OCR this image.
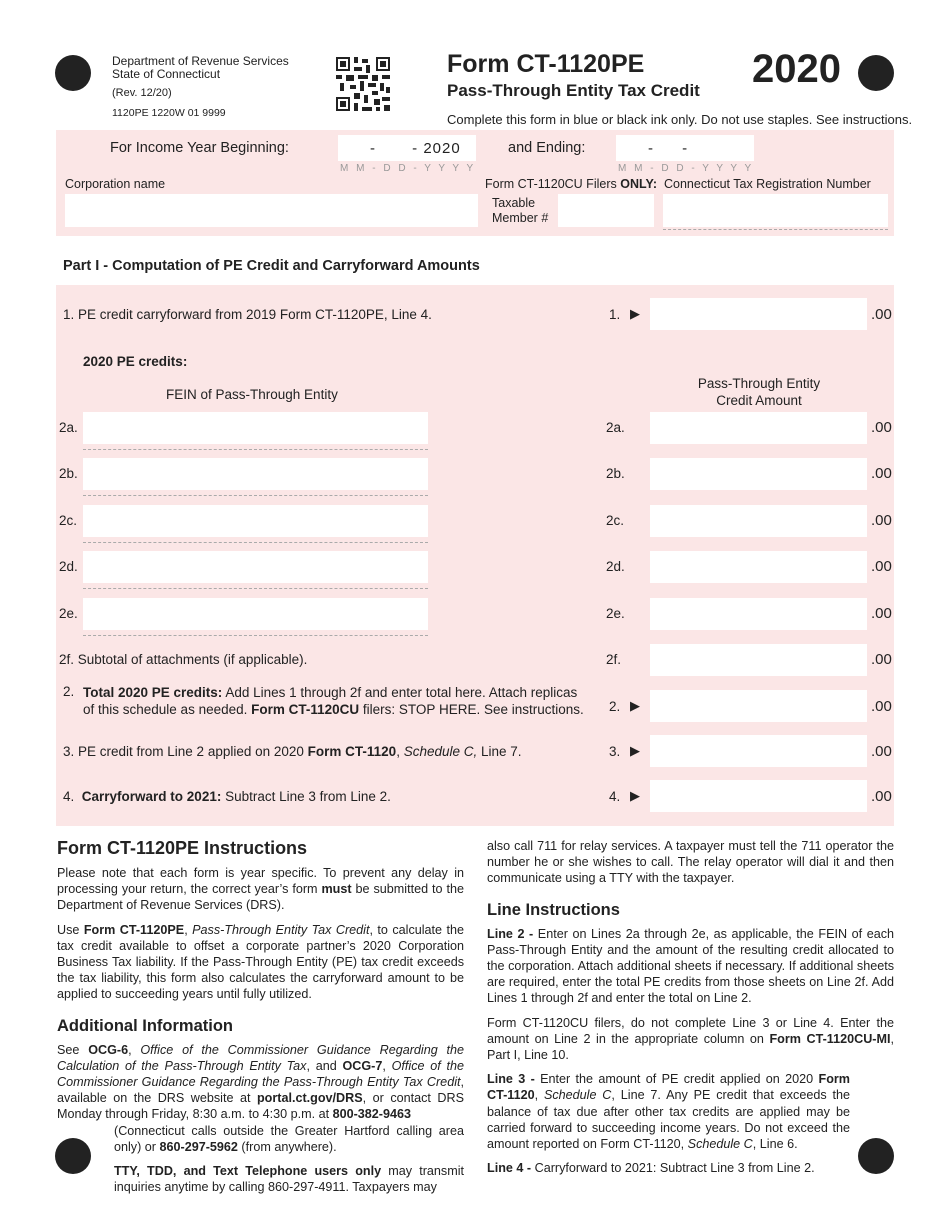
Department of Revenue Services
State of Connecticut
(Rev. 12/20)
1120PE 1220W 01 9999
Form CT-1120PE
Pass-Through Entity Tax Credit 2020
Complete this form in blue or black ink only. Do not use staples. See instructions.
For Income Year Beginning:	-       - 2020
M M - D D - Y Y Y Y
and Ending:	-       -
M M - D D - Y Y Y Y
Corporation name	Form CT-1120CU Filers ONLY: Connecticut Tax Registration Number
Taxable
Member #
Part I - Computation of PE Credit and Carryforward Amounts
1. PE credit carryforward from 2019 Form CT-1120PE, Line 4.	1. ▶	.00
2020 PE credits:
FEIN of Pass-Through Entity
Pass-Through Entity Credit Amount
2a.	2a.	.00
2b.	2b.	.00
2c.	2c.	.00
2d.	2d.	.00
2e.	2e.	.00
2f. Subtotal of attachments (if applicable).	2f.	.00
2. Total 2020 PE credits: Add Lines 1 through 2f and enter total here. Attach replicas
of this schedule as needed. Form CT-1120CU filers: STOP HERE. See instructions. 2. ▶	.00
3. PE credit from Line 2 applied on 2020 Form CT-1120, Schedule C, Line 7.	3. ▶	.00
4. Carryforward to 2021: Subtract Line 3 from Line 2.	4. ▶	.00
Form CT-1120PE Instructions

Please note that each form is year specific. To prevent any delay in processing your return, the correct year’s form must be submitted to the Department of Revenue Services (DRS).

Use Form CT-1120PE, Pass-Through Entity Tax Credit, to calculate the tax credit available to offset a corporate partner’s 2020 Corporation Business Tax liability. If the Pass-Through Entity (PE) tax credit exceeds the tax liability, this form also calculates the carryforward amount to be applied to succeeding years until fully utilized.

Additional Information

See OCG-6, Office of the Commissioner Guidance Regarding the Calculation of the Pass-Through Entity Tax, and OCG-7, Office of the Commissioner Guidance Regarding the Pass-Through Entity Tax Credit, available on the DRS website at portal.ct.gov/DRS, or contact DRS Monday through Friday, 8:30 a.m. to 4:30 p.m. at 800-382-9463

(Connecticut calls outside the Greater Hartford calling area only) or 860-297-5962 (from anywhere).

TTY, TDD, and Text Telephone users only may transmit inquiries anytime by calling 860-297-4911. Taxpayers may

also call 711 for relay services. A taxpayer must tell the 711 operator the number he or she wishes to call. The relay operator will dial it and then communicate using a TTY with the taxpayer.

Line Instructions

Line 2 - Enter on Lines 2a through 2e, as applicable, the FEIN of each Pass-Through Entity and the amount of the resulting credit allocated to the corporation. Attach additional sheets if necessary. If additional sheets are required, enter the total PE credits from those sheets on Line 2f. Add Lines 1 through 2f and enter the total on Line 2.

Form CT-1120CU filers, do not complete Line 3 or Line 4. Enter the amount on Line 2 in the appropriate column on Form CT-1120CU-MI, Part I, Line 10.

Line 3 - Enter the amount of PE credit applied on 2020 Form CT-1120, Schedule C, Line 7. Any PE credit that exceeds the balance of tax due after other tax credits are applied may be carried forward to succeeding income years. Do not exceed the amount reported on Form CT-1120, Schedule C, Line 6.

Line 4 - Carryforward to 2021: Subtract Line 3 from Line 2.
